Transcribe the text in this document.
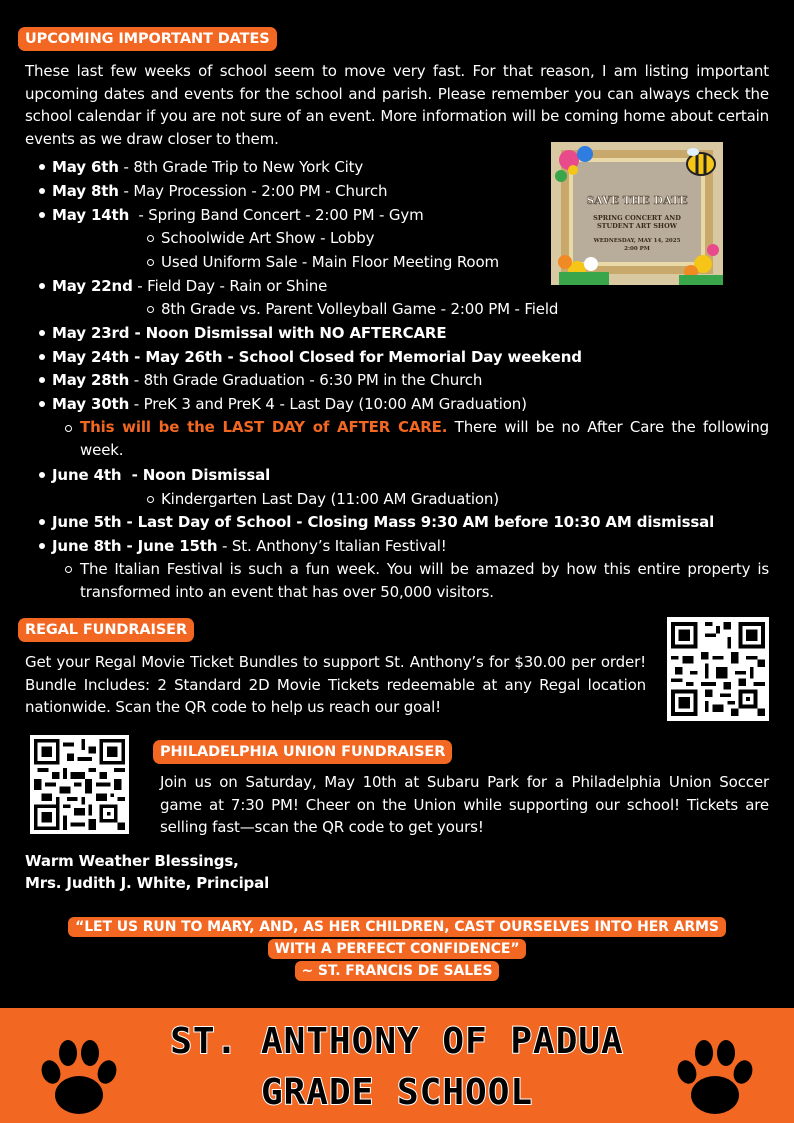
UPCOMING IMPORTANT DATES
These last few weeks of school seem to move very fast. For that reason, I am listing important upcoming dates and events for the school and parish. Please remember you can always check the school calendar if you are not sure of an event. More information will be coming home about certain events as we draw closer to them.
SAVE THE DATE
SPRING CONCERT AND
STUDENT ART SHOW
WEDNESDAY, MAY 14, 2025
2:00 PM
May 6th - 8th Grade Trip to New York City
May 8th - May Procession - 2:00 PM - Church
May 14th  - Spring Band Concert - 2:00 PM - Gym
Schoolwide Art Show - Lobby
Used Uniform Sale - Main Floor Meeting Room
May 22nd - Field Day - Rain or Shine
8th Grade vs. Parent Volleyball Game - 2:00 PM - Field
May 23rd - Noon Dismissal with NO AFTERCARE
May 24th - May 26th - School Closed for Memorial Day weekend
May 28th - 8th Grade Graduation - 6:30 PM in the Church
May 30th - PreK 3 and PreK 4 - Last Day (10:00 AM Graduation)
This will be the LAST DAY of AFTER CARE. There will be no After Care the following week.
June 4th  - Noon Dismissal
Kindergarten Last Day (11:00 AM Graduation)
June 5th - Last Day of School - Closing Mass 9:30 AM before 10:30 AM dismissal
June 8th - June 15th - St. Anthony’s Italian Festival!
The Italian Festival is such a fun week. You will be amazed by how this entire property is transformed into an event that has over 50,000 visitors.
REGAL FUNDRAISER
Get your Regal Movie Ticket Bundles to support St. Anthony’s for $30.00 per order! Bundle Includes: 2 Standard 2D Movie Tickets redeemable at any Regal location nationwide. Scan the QR code to help us reach our goal!
PHILADELPHIA UNION FUNDRAISER
Join us on Saturday, May 10th at Subaru Park for a Philadelphia Union Soccer game at 7:30 PM! Cheer on the Union while supporting our school! Tickets are selling fast—scan the QR code to get yours!
Warm Weather Blessings,
Mrs. Judith J. White, Principal
“LET US RUN TO MARY, AND, AS HER CHILDREN, CAST OURSELVES INTO HER ARMS
WITH A PERFECT CONFIDENCE”
~ ST. FRANCIS DE SALES
ST. ANTHONY OF PADUA
GRADE SCHOOL
